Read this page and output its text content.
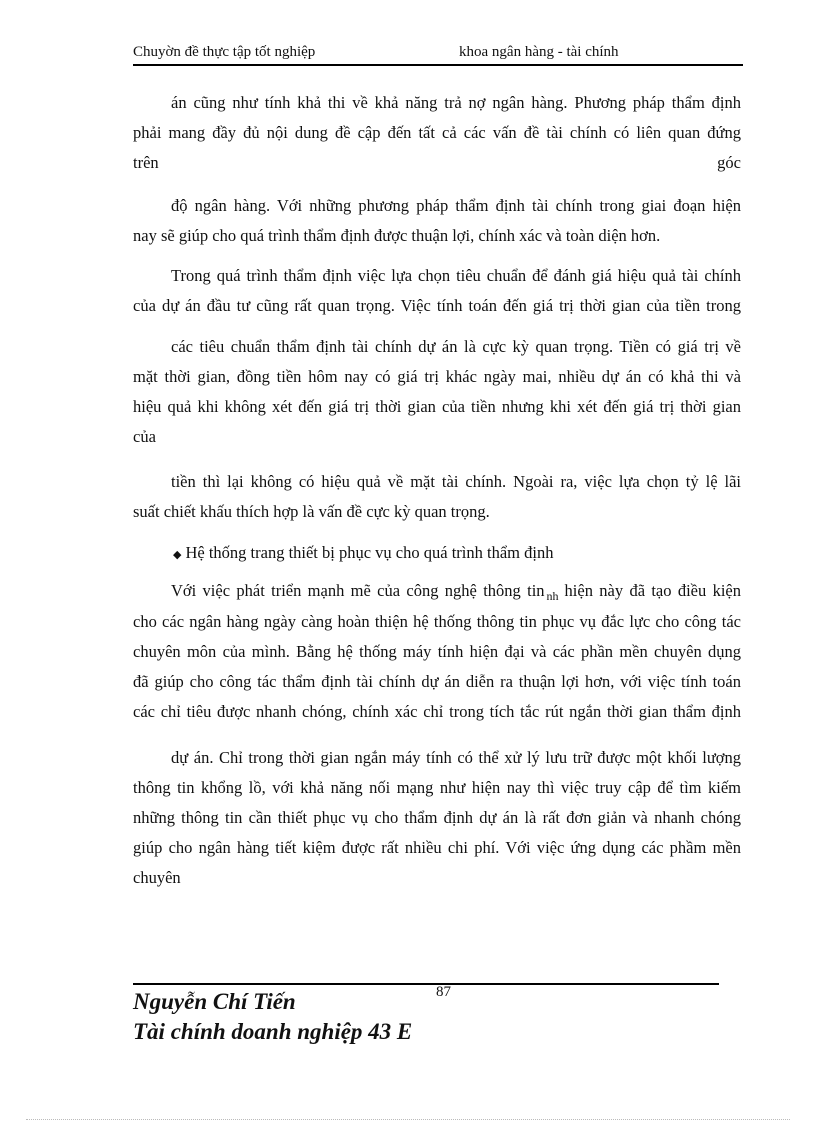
Chuyờn đề thực tập tốt nghiệp	khoa ngân hàng - tài chính
án cũng như tính khả thi về khả năng trả nợ ngân hàng. Phương pháp thẩm định
phải mang đầy đủ nội dung đề cập đến tất cả các vấn đề tài chính có liên quan đứng
trên	góc
độ ngân hàng. Với những phương pháp thẩm định tài chính trong giai đoạn hiện
nay sẽ giúp cho quá trình thẩm định được thuận lợi, chính xác và toàn diện hơn.
Trong quá trình thẩm định việc lựa chọn tiêu chuẩn để đánh giá hiệu quả tài chính
của dự án đầu tư cũng rất quan trọng. Việc tính toán đến giá trị thời gian của tiền trong
các tiêu chuẩn thẩm định tài chính dự án là cực kỳ quan trọng. Tiền có giá trị về
mặt thời gian, đồng tiền hôm nay có giá trị khác ngày mai, nhiều dự án có khả thi và
hiệu quả khi không xét đến giá trị thời gian của tiền nhưng khi xét đến giá trị thời gian
của
tiền thì lại không có hiệu quả về mặt tài chính. Ngoài ra, việc lựa chọn tỷ lệ lãi
suất chiết khấu thích hợp là vấn đề cực kỳ quan trọng.
◆ Hệ thống trang thiết bị phục vụ cho quá trình thẩm định
Với việc phát triển mạnh mẽ của công nghệ thông tin $_{nh}$ hiện này đã tạo điều kiện
cho các ngân hàng ngày càng hoàn thiện hệ thống thông tin phục vụ đắc lực cho công tác
chuyên môn của mình. Bằng hệ thống máy tính hiện đại và các phần mền chuyên dụng
đã giúp cho công tác thẩm định tài chính dự án diễn ra thuận lợi hơn, với việc tính toán
các chỉ tiêu được nhanh chóng, chính xác chỉ trong tích tắc rút ngắn thời gian thẩm định
dự án. Chỉ trong thời gian ngắn máy tính có thể xử lý lưu trữ được một khối lượng
thông tin khổng lồ, với khả năng nối mạng như hiện nay thì việc truy cập để tìm kiếm
những thông tin cần thiết phục vụ cho thẩm định dự án là rất đơn giản và nhanh chóng
giúp cho ngân hàng tiết kiệm được rất nhiều chi phí. Với việc ứng dụng các phầm mền
chuyên
87
Nguyễn Chí Tiến
Tài chính doanh nghiệp 43 E
